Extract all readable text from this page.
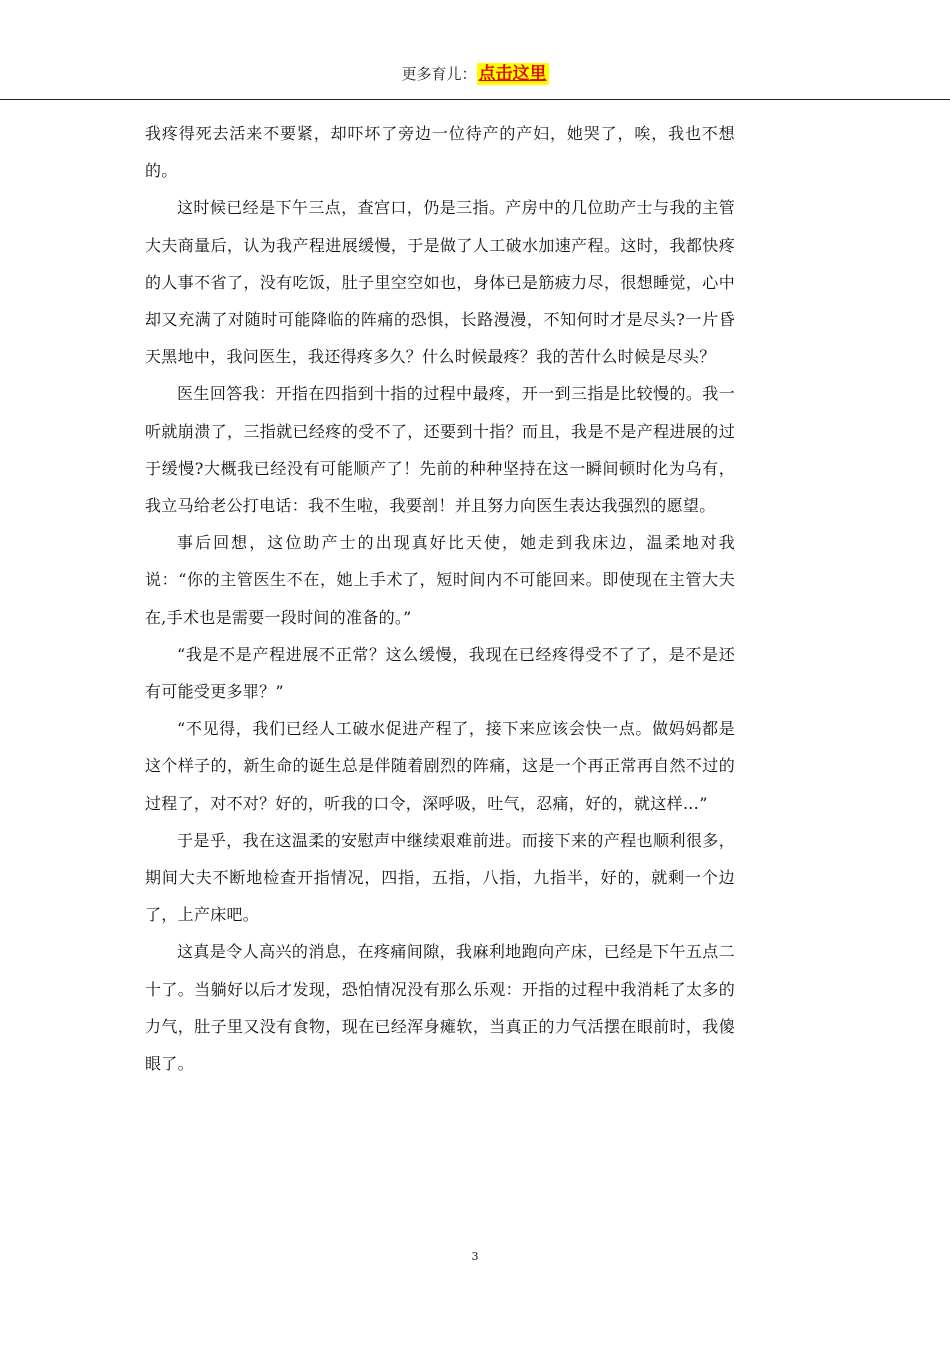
更多育儿： 点击这里

我疼得死去活来不要紧，却吓坏了旁边一位待产的产妇，她哭了，唉，我也不想的。

这时候已经是下午三点，查宫口，仍是三指。产房中的几位助产士与我的主管大夫商量后，认为我产程进展缓慢，于是做了人工破水加速产程。这时，我都快疼的人事不省了，没有吃饭，肚子里空空如也，身体已是筋疲力尽，很想睡觉，心中却又充满了对随时可能降临的阵痛的恐惧，长路漫漫，不知何时才是尽头?一片昏天黑地中，我问医生，我还得疼多久？什么时候最疼？我的苦什么时候是尽头？

医生回答我：开指在四指到十指的过程中最疼，开一到三指是比较慢的。我一听就崩溃了，三指就已经疼的受不了，还要到十指？而且，我是不是产程进展的过于缓慢?大概我已经没有可能顺产了！先前的种种坚持在这一瞬间顿时化为乌有，我立马给老公打电话：我不生啦，我要剖！并且努力向医生表达我强烈的愿望。

事后回想，这位助产士的出现真好比天使，她走到我床边，温柔地对我说：“你的主管医生不在，她上手术了，短时间内不可能回来。即使现在主管大夫在,手术也是需要一段时间的准备的。”

“我是不是产程进展不正常？这么缓慢，我现在已经疼得受不了了，是不是还有可能受更多罪？”

“不见得，我们已经人工破水促进产程了，接下来应该会快一点。做妈妈都是这个样子的，新生命的诞生总是伴随着剧烈的阵痛，这是一个再正常再自然不过的过程了，对不对？好的，听我的口令，深呼吸，吐气，忍痛，好的，就这样…”

于是乎，我在这温柔的安慰声中继续艰难前进。而接下来的产程也顺利很多，期间大夫不断地检查开指情况，四指，五指，八指，九指半，好的，就剩一个边了，上产床吧。

这真是令人高兴的消息，在疼痛间隙，我麻利地跑向产床，已经是下午五点二十了。当躺好以后才发现，恐怕情况没有那么乐观：开指的过程中我消耗了太多的力气，肚子里又没有食物，现在已经浑身瘫软，当真正的力气活摆在眼前时，我傻眼了。

3
